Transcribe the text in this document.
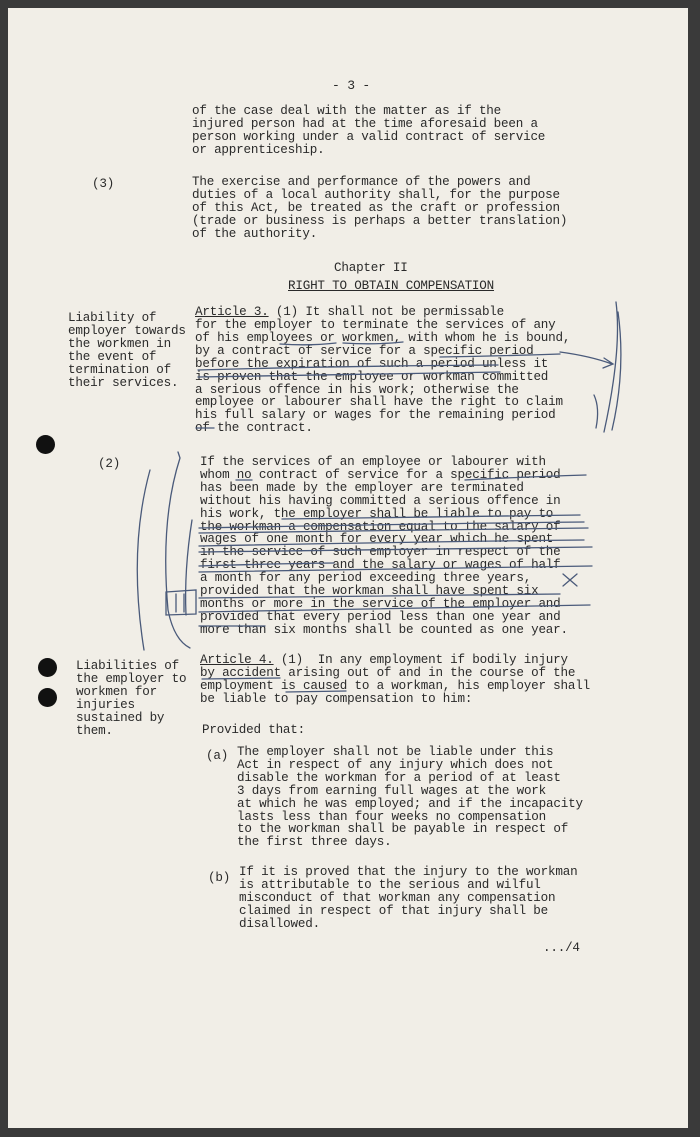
- 3 -
of the case deal with the matter as if the
injured person had at the time aforesaid been a
person working under a valid contract of service
or apprenticeship.
(3)	The exercise and performance of the powers and
duties of a local authority shall, for the purpose
of this Act, be treated as the craft or profession
(trade or business is perhaps a better translation)
of the authority.
Chapter II
RIGHT TO OBTAIN COMPENSATION
Liability of
employer towards
the workmen in
the event of
termination of
their services.
Article 3. (1) It shall not be permissable
for the employer to terminate the services of any
of his employees or workmen, with whom he is bound,
by a contract of service for a specific period
before the expiration of such a period unless it
is proven that the employee or workman committed
a serious offence in his work; otherwise the
employee or labourer shall have the right to claim
his full salary or wages for the remaining period
of the contract.
(2)	If the services of an employee or labourer with
whom no contract of service for a specific period
has been made by the employer are terminated
without his having committed a serious offence in
his work, the employer shall be liable to pay to
the workman a compensation equal to the salary of
wages of one month for every year which he spent
in the service of such employer in respect of the
first three years and the salary or wages of half
a month for any period exceeding three years,
provided that the workman shall have spent six
months or more in the service of the employer and
provided that every period less than one year and
more than six months shall be counted as one year.
Liabilities of
the employer to
workmen for
injuries
sustained by
them.
Article 4. (1)  In any employment if bodily injury
by accident arising out of and in the course of the
employment is caused to a workman, his employer shall
be liable to pay compensation to him:
Provided that:
(a) The employer shall not be liable under this
Act in respect of any injury which does not
disable the workman for a period of at least
3 days from earning full wages at the work
at which he was employed; and if the incapacity
lasts less than four weeks no compensation
to the workman shall be payable in respect of
the first three days.
(b) If it is proved that the injury to the workman
is attributable to the serious and wilful
misconduct of that workman any compensation
claimed in respect of that injury shall be
disallowed.
.../4
